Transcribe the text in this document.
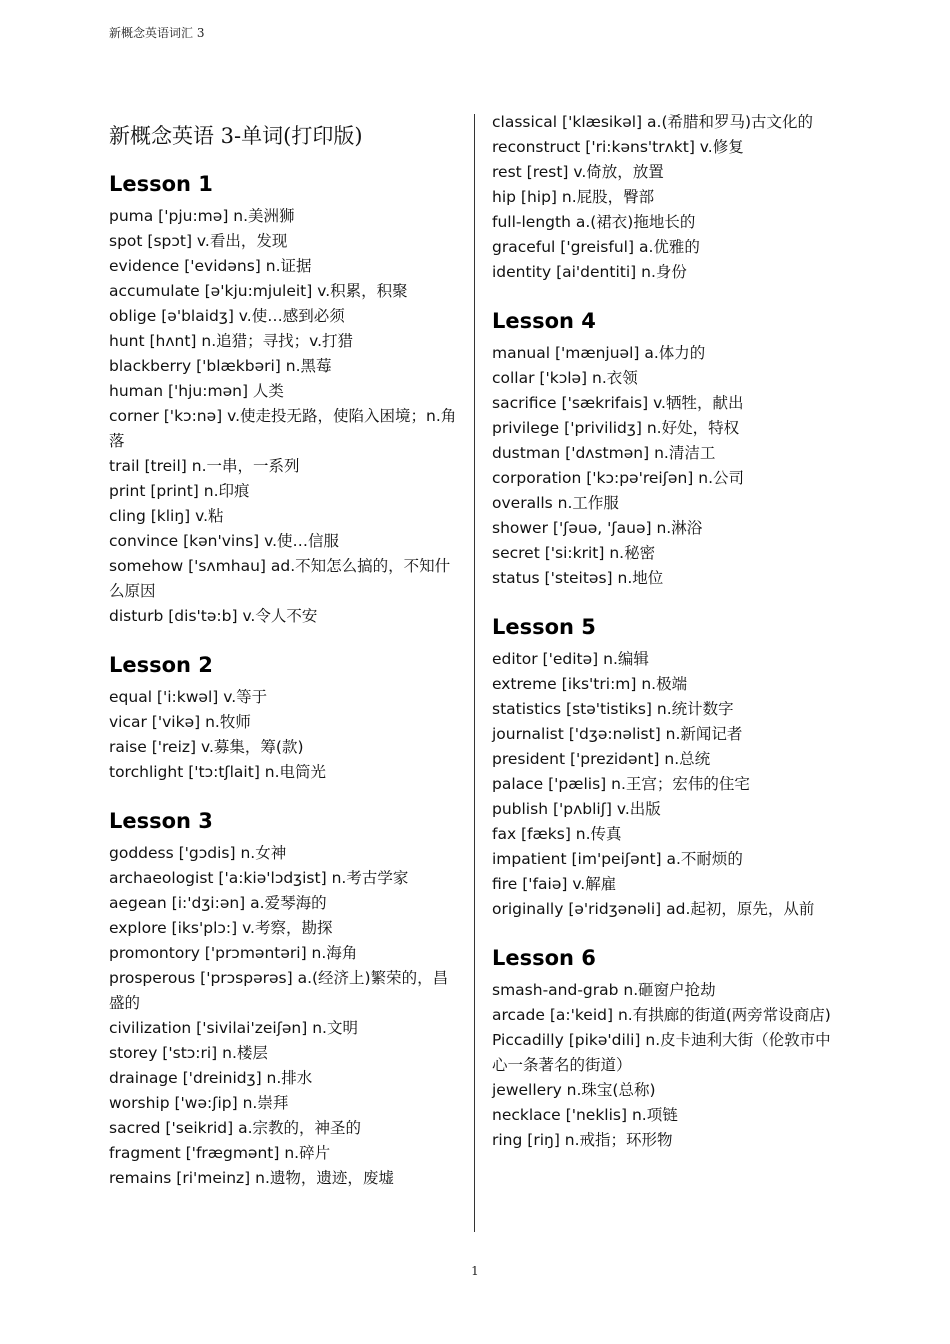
新概念英语词汇 3
新概念英语 3-单词(打印版)
Lesson 1
puma ['pju:mə] n.美洲狮
spot [spɔt] v.看出，发现
evidence ['evidəns] n.证据
accumulate [ə'kju:mjuleit] v.积累，积聚
oblige [ə'blaidʒ] v.使…感到必须
hunt [hʌnt] n.追猎；寻找；v.打猎
blackberry ['blækbəri] n.黑莓
human ['hju:mən] 人类
corner ['kɔ:nə] v.使走投无路，使陷入困境；n.角落
trail [treil] n.一串，一系列
print [print] n.印痕
cling [kliŋ] v.粘
convince [kən'vins] v.使…信服
somehow ['sʌmhau] ad.不知怎么搞的，不知什么原因
disturb [dis'tə:b] v.令人不安
Lesson 2
equal ['i:kwəl] v.等于
vicar ['vikə] n.牧师
raise ['reiz] v.募集，筹(款)
torchlight ['tɔ:tʃlait] n.电筒光
Lesson 3
goddess ['gɔdis] n.女神
archaeologist ['a:kiə'lɔdʒist] n.考古学家
aegean [i:'dʒi:ən] a.爱琴海的
explore [iks'plɔ:] v.考察，勘探
promontory ['prɔməntəri] n.海角
prosperous ['prɔspərəs] a.(经济上)繁荣的，昌盛的
civilization ['sivilai'zeiʃən] n.文明
storey ['stɔ:ri] n.楼层
drainage ['dreinidʒ] n.排水
worship ['wə:ʃip] n.崇拜
sacred ['seikrid] a.宗教的，神圣的
fragment ['frægmənt] n.碎片
remains [ri'meinz] n.遗物，遗迹，废墟
classical ['klæsikəl] a.(希腊和罗马)古文化的
reconstruct ['ri:kəns'trʌkt] v.修复
rest [rest] v.倚放，放置
hip [hip] n.屁股，臀部
full-length a.(裙衣)拖地长的
graceful ['greisful] a.优雅的
identity [ai'dentiti] n.身份
Lesson 4
manual ['mænjuəl] a.体力的
collar ['kɔlə] n.衣领
sacrifice ['sækrifais] v.牺牲，献出
privilege ['privilidʒ] n.好处，特权
dustman ['dʌstmən] n.清洁工
corporation ['kɔ:pə'reiʃən] n.公司
overalls n.工作服
shower ['ʃəuə, 'ʃauə] n.淋浴
secret ['si:krit] n.秘密
status ['steitəs] n.地位
Lesson 5
editor ['editə] n.编辑
extreme [iks'tri:m] n.极端
statistics [stə'tistiks] n.统计数字
journalist ['dʒə:nəlist] n.新闻记者
president ['prezidənt] n.总统
palace ['pælis] n.王宫；宏伟的住宅
publish ['pʌbliʃ] v.出版
fax [fæks] n.传真
impatient [im'peiʃənt] a.不耐烦的
fire ['faiə] v.解雇
originally [ə'ridʒənəli] ad.起初，原先，从前
Lesson 6
smash-and-grab n.砸窗户抢劫
arcade [a:'keid] n.有拱廊的街道(两旁常设商店)
Piccadilly [pikə'dili] n.皮卡迪利大街（伦敦市中心一条著名的街道）
jewellery n.珠宝(总称)
necklace ['neklis] n.项链
ring [riŋ] n.戒指；环形物
1
